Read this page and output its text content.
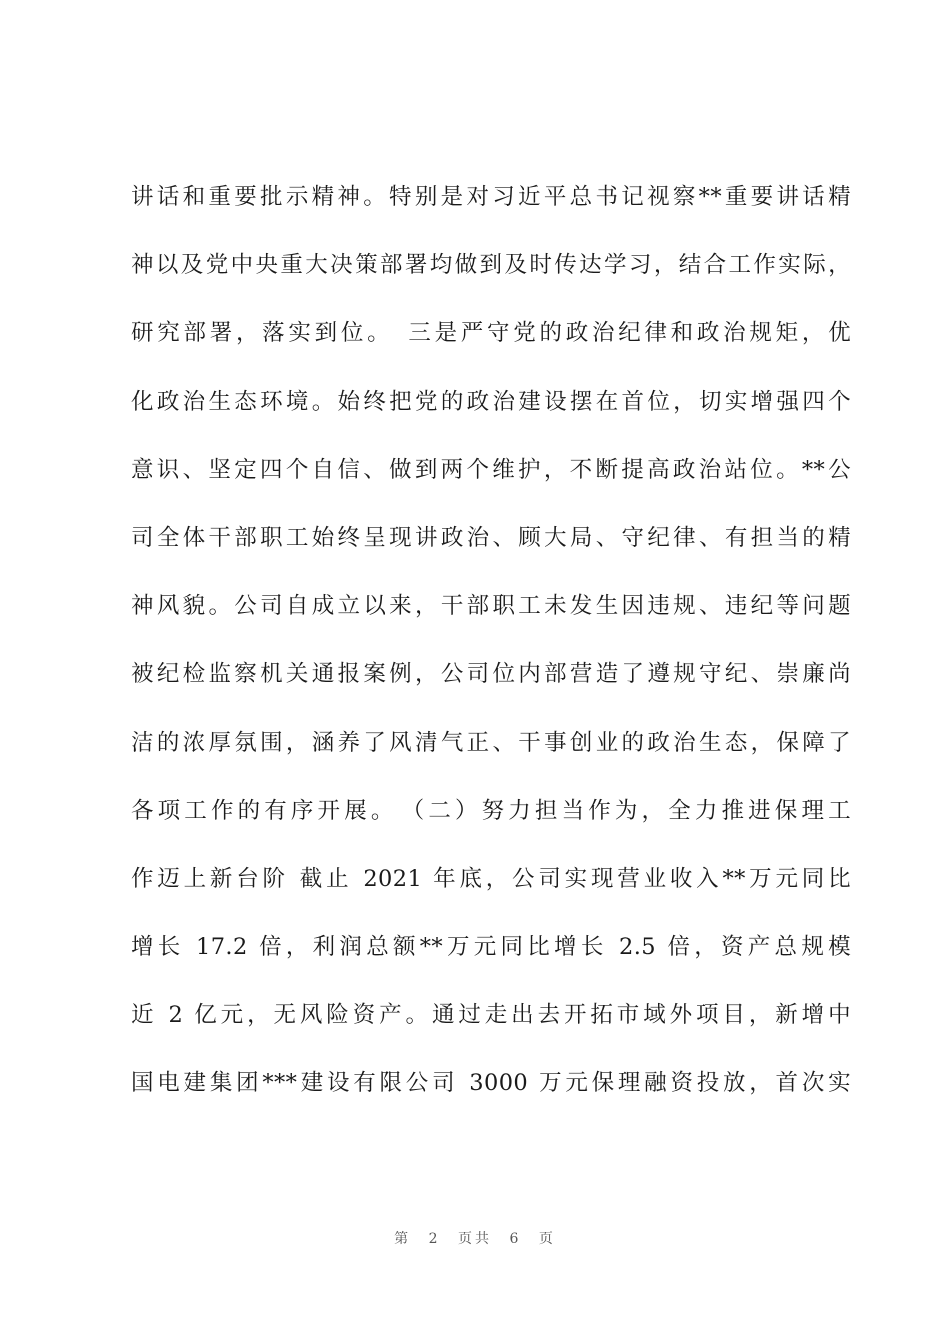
讲话和重要批示精神。特别是对习近平总书记视察**重要讲话精
神以及党中央重大决策部署均做到及时传达学习，结合工作实际，
研究部署，落实到位。　三是严守党的政治纪律和政治规矩，优
化政治生态环境。始终把党的政治建设摆在首位，切实增强四个
意识、坚定四个自信、做到两个维护，不断提高政治站位。**公
司全体干部职工始终呈现讲政治、顾大局、守纪律、有担当的精
神风貌。公司自成立以来，干部职工未发生因违规、违纪等问题
被纪检监察机关通报案例，公司位内部营造了遵规守纪、崇廉尚
洁的浓厚氛围，涵养了风清气正、干事创业的政治生态，保障了
各项工作的有序开展。　（二）努力担当作为，全力推进保理工
作迈上新台阶 截止 2021 年底，公司实现营业收入**万元同比
增长 17.2 倍，利润总额**万元同比增长 2.5 倍，资产总规模
近 2 亿元，无风险资产。通过走出去开拓市域外项目，新增中
国电建集团***建设有限公司 3000 万元保理融资投放，首次实
第 2 页共 6 页
